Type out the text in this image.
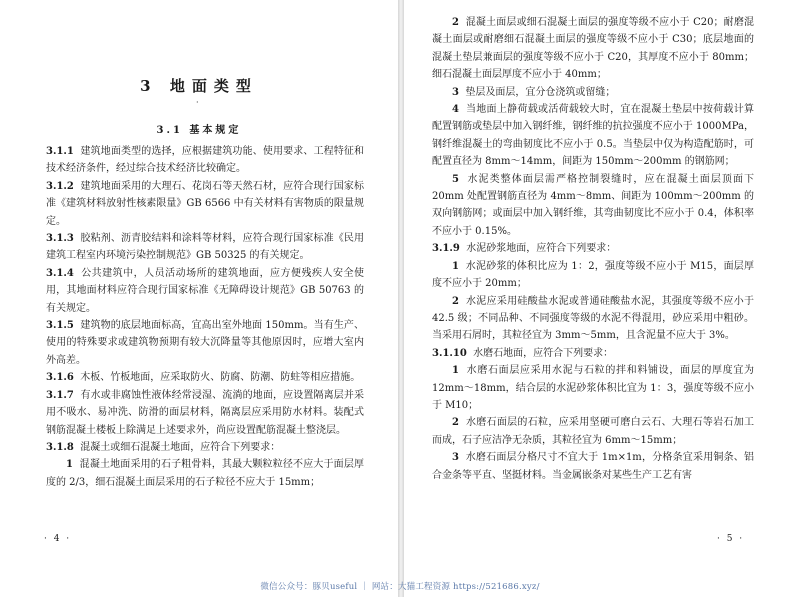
3 地面类型
·
3.1 基本规定

3.1.1 建筑地面类型的选择，应根据建筑功能、使用要求、工程特征和技术经济条件，经过综合技术经济比较确定。

3.1.2 建筑地面采用的大理石、花岗石等天然石材，应符合现行国家标准《建筑材料放射性核素限量》GB 6566 中有关材料有害物质的限量规定。

3.1.3 胶粘剂、沥青胶结料和涂料等材料，应符合现行国家标准《民用建筑工程室内环境污染控制规范》GB 50325 的有关规定。

3.1.4 公共建筑中，人员活动场所的建筑地面，应方便残疾人安全使用，其地面材料应符合现行国家标准《无障碍设计规范》GB 50763 的有关规定。

3.1.5 建筑物的底层地面标高，宜高出室外地面 150mm。当有生产、使用的特殊要求或建筑物预期有较大沉降量等其他原因时，应增大室内外高差。

3.1.6 木板、竹板地面，应采取防火、防腐、防潮、防蛀等相应措施。

3.1.7 有水或非腐蚀性液体经常浸湿、流淌的地面，应设置隔离层并采用不吸水、易冲洗、防滑的面层材料，隔离层应采用防水材料。装配式钢筋混凝土楼板上除满足上述要求外，尚应设置配筋混凝土整浇层。

3.1.8 混凝土或细石混凝土地面，应符合下列要求：

1 混凝土地面采用的石子粗骨料，其最大颗粒粒径不应大于面层厚度的 2/3，细石混凝土面层采用的石子粒径不应大于 15mm；

· 4 ·	· 5 ·

2 混凝土面层或细石混凝土面层的强度等级不应小于 C20；耐磨混凝土面层或耐磨细石混凝土面层的强度等级不应小于 C30；底层地面的混凝土垫层兼面层的强度等级不应小于 C20，其厚度不应小于 80mm；细石混凝土面层厚度不应小于 40mm；

3 垫层及面层，宜分仓浇筑或留缝；

4 当地面上静荷载或活荷载较大时，宜在混凝土垫层中按荷载计算配置钢筋或垫层中加入钢纤维，钢纤维的抗拉强度不应小于 1000MPa，钢纤维混凝土的弯曲韧度比不应小于 0.5。当垫层中仅为构造配筋时，可配置直径为 8mm～14mm，间距为 150mm～200mm 的钢筋网；

5 水泥类整体面层需严格控制裂缝时，应在混凝土面层顶面下 20mm 处配置钢筋直径为 4mm～8mm、间距为 100mm～200mm 的双向钢筋网；或面层中加入钢纤维，其弯曲韧度比不应小于 0.4，体积率不应小于 0.15%。

3.1.9 水泥砂浆地面，应符合下列要求：

1 水泥砂浆的体积比应为 1：2，强度等级不应小于 M15，面层厚度不应小于 20mm；

2 水泥应采用硅酸盐水泥或普通硅酸盐水泥，其强度等级不应小于 42.5 级；不同品种、不同强度等级的水泥不得混用，砂应采用中粗砂。当采用石屑时，其粒径宜为 3mm～5mm，且含泥量不应大于 3%。

3.1.10 水磨石地面，应符合下列要求：

1 水磨石面层应采用水泥与石粒的拌和料铺设，面层的厚度宜为 12mm～18mm，结合层的水泥砂浆体积比宜为 1：3，强度等级不应小于 M10；

2 水磨石面层的石粒，应采用坚硬可磨白云石、大理石等岩石加工而成，石子应洁净无杂质，其粒径宜为 6mm～15mm；

3 水磨石面层分格尺寸不宜大于 1m×1m，分格条宜采用铜条、铝合金条等平直、坚挺材料。当金属嵌条对某些生产工艺有害

微信公众号：豚贝useful ｜ 网站：大猫工程资源 https://521686.xyz/
